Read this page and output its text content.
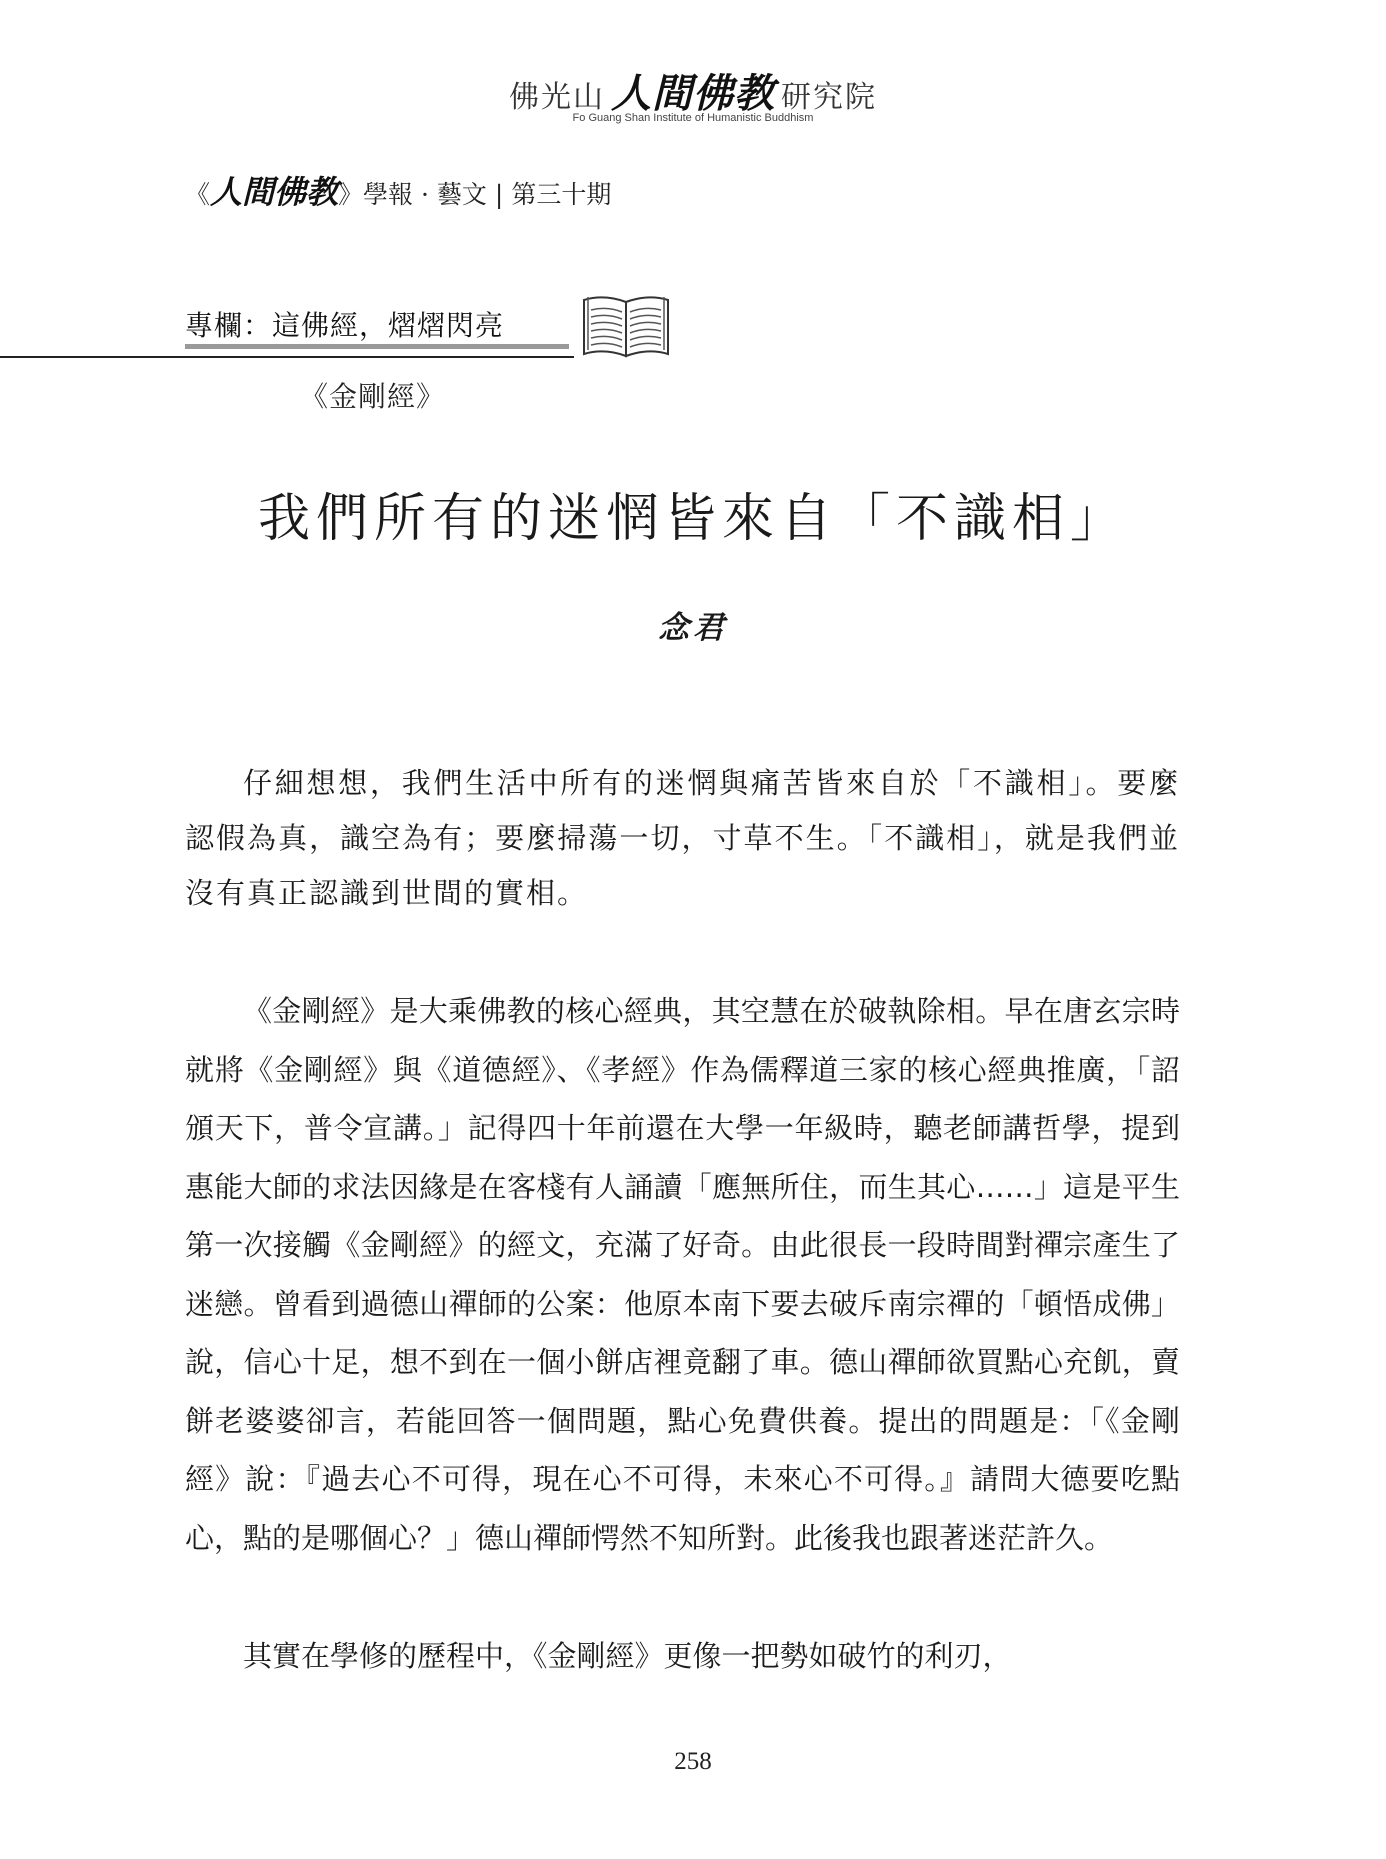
佛光山 人間佛教 研究院
Fo Guang Shan Institute of Humanistic Buddhism
《人間佛教》學報 · 藝文 | 第三十期
專欄：這佛經，熠熠閃亮
《金剛經》
我們所有的迷惘皆來自「不識相」
念君

仔細想想，我們生活中所有的迷惘與痛苦皆來自於「不識相」。要麼認假為真，識空為有；要麼掃蕩一切，寸草不生。「不識相」，就是我們並沒有真正認識到世間的實相。

《金剛經》是大乘佛教的核心經典，其空慧在於破執除相。早在唐玄宗時就將《金剛經》與《道德經》、《孝經》作為儒釋道三家的核心經典推廣，「詔頒天下，普令宣講。」記得四十年前還在大學一年級時，聽老師講哲學，提到惠能大師的求法因緣是在客棧有人誦讀「應無所住，而生其心……」這是平生第一次接觸《金剛經》的經文，充滿了好奇。由此很長一段時間對禪宗產生了迷戀。曾看到過德山禪師的公案：他原本南下要去破斥南宗禪的「頓悟成佛」說，信心十足，想不到在一個小餅店裡竟翻了車。德山禪師欲買點心充飢，賣餅老婆婆卻言，若能回答一個問題，點心免費供養。提出的問題是：「《金剛經》說：『過去心不可得，現在心不可得，未來心不可得。』請問大德要吃點心，點的是哪個心？」德山禪師愕然不知所對。此後我也跟著迷茫許久。

其實在學修的歷程中，《金剛經》更像一把勢如破竹的利刃，

258
